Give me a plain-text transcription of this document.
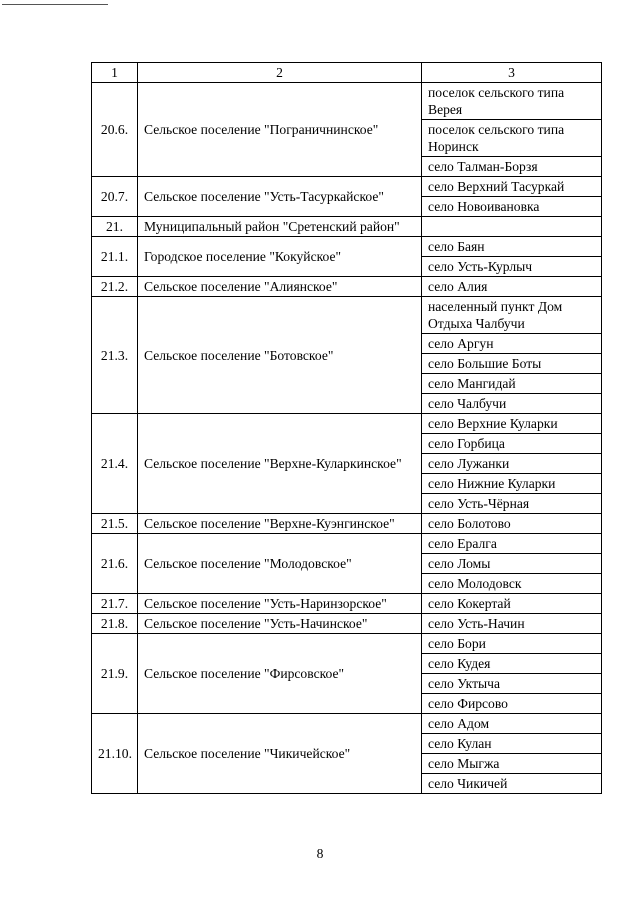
1	2	3
20.6.	Сельское поселение "Пограничнинское"	поселок сельского типа Верея
		поселок сельского типа Норинск
		село Талман-Борзя
20.7.	Сельское поселение "Усть-Тасуркайское"	село Верхний Тасуркай
		село Новоивановка
21.	Муниципальный район "Сретенский район"	
21.1.	Городское поселение "Кокуйское"	село Баян
		село Усть-Курлыч
21.2.	Сельское поселение "Алиянское"	село Алия
21.3.	Сельское поселение "Ботовское"	населенный пункт Дом Отдыха Чалбучи
		село Аргун
		село Большие Боты
		село Мангидай
		село Чалбучи
21.4.	Сельское поселение "Верхне-Куларкинское"	село Верхние Куларки
		село Горбица
		село Лужанки
		село Нижние Куларки
		село Усть-Чёрная
21.5.	Сельское поселение "Верхне-Куэнгинское"	село Болотово
21.6.	Сельское поселение "Молодовское"	село Ералга
		село Ломы
		село Молодовск
21.7.	Сельское поселение "Усть-Наринзорское"	село Кокертай
21.8.	Сельское поселение "Усть-Начинское"	село Усть-Начин
21.9.	Сельское поселение "Фирсовское"	село Бори
		село Кудея
		село Уктыча
		село Фирсово
21.10.	Сельское поселение "Чикичейское"	село Адом
		село Кулан
		село Мыгжа
		село Чикичей
8
